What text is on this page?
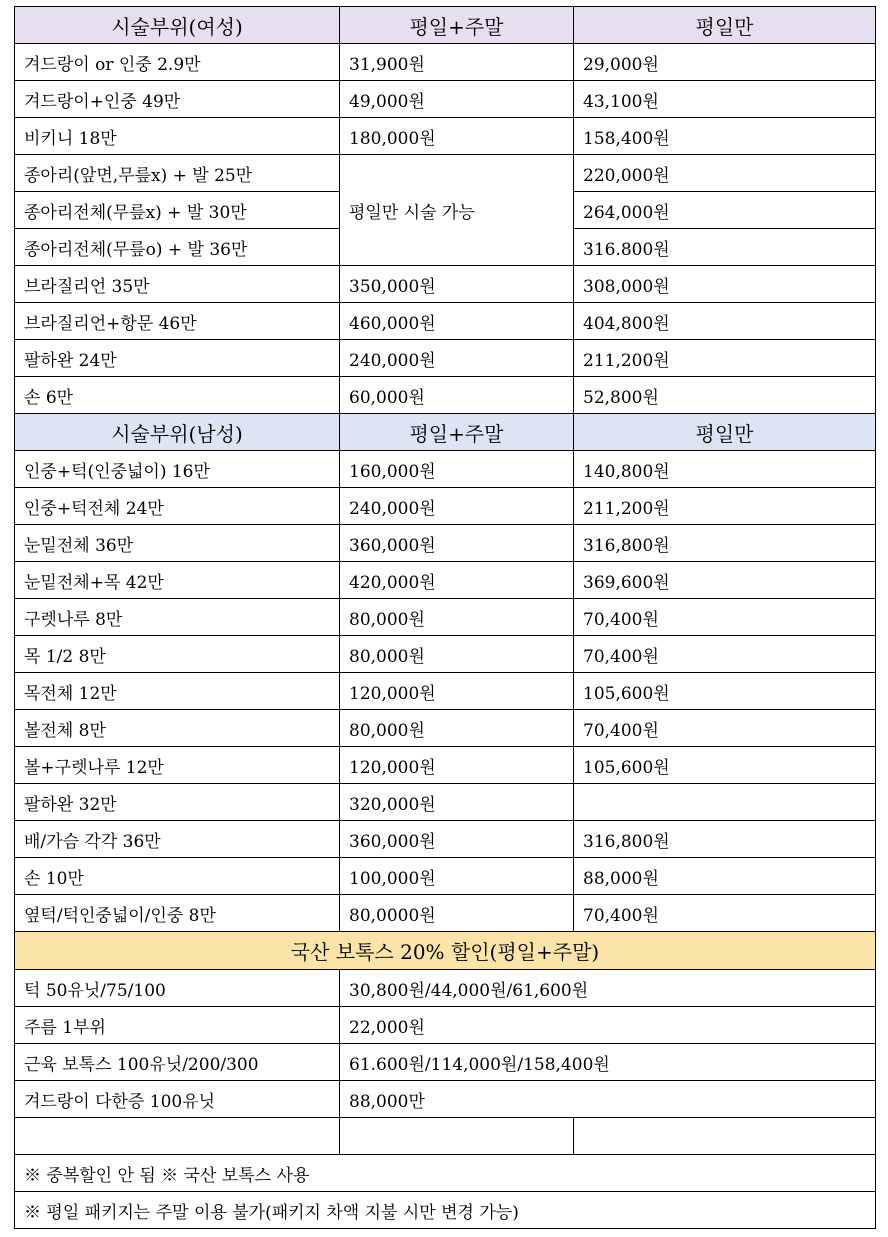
시술부위(여성)	평일+주말	평일만
겨드랑이 or 인중 2.9만	31,900원	29,000원
겨드랑이+인중 49만	49,000원	43,100원
비키니 18만	180,000원	158,400원
종아리(앞면,무릎x) + 발 25만	평일만 시술 가능	220,000원
종아리전체(무릎x) + 발 30만		264,000원
종아리전체(무릎o) + 발 36만		316.800원
브라질리언 35만	350,000원	308,000원
브라질리언+항문 46만	460,000원	404,800원
팔하완 24만	240,000원	211,200원
손 6만	60,000원	52,800원
시술부위(남성)	평일+주말	평일만
인중+턱(인중넓이) 16만	160,000원	140,800원
인중+턱전체 24만	240,000원	211,200원
눈밑전체 36만	360,000원	316,800원
눈밑전체+목 42만	420,000원	369,600원
구렛나루 8만	80,000원	70,400원
목 1/2 8만	80,000원	70,400원
목전체 12만	120,000원	105,600원
볼전체 8만	80,000원	70,400원
볼+구렛나루 12만	120,000원	105,600원
팔하완 32만	320,000원	
배/가슴 각각 36만	360,000원	316,800원
손 10만	100,000원	88,000원
옆턱/턱인중넓이/인중 8만	80,0000원	70,400원
국산 보톡스 20% 할인(평일+주말)		
턱 50유닛/75/100	30,800원/44,000원/61,600원	
주름 1부위	22,000원	
근육 보톡스 100유닛/200/300	61.600원/114,000원/158,400원	
겨드랑이 다한증 100유닛	88,000만	

※ 중복할인 안 됨 ※ 국산 보톡스 사용		
※ 평일 패키지는 주말 이용 불가(패키지 차액 지불 시만 변경 가능)		
